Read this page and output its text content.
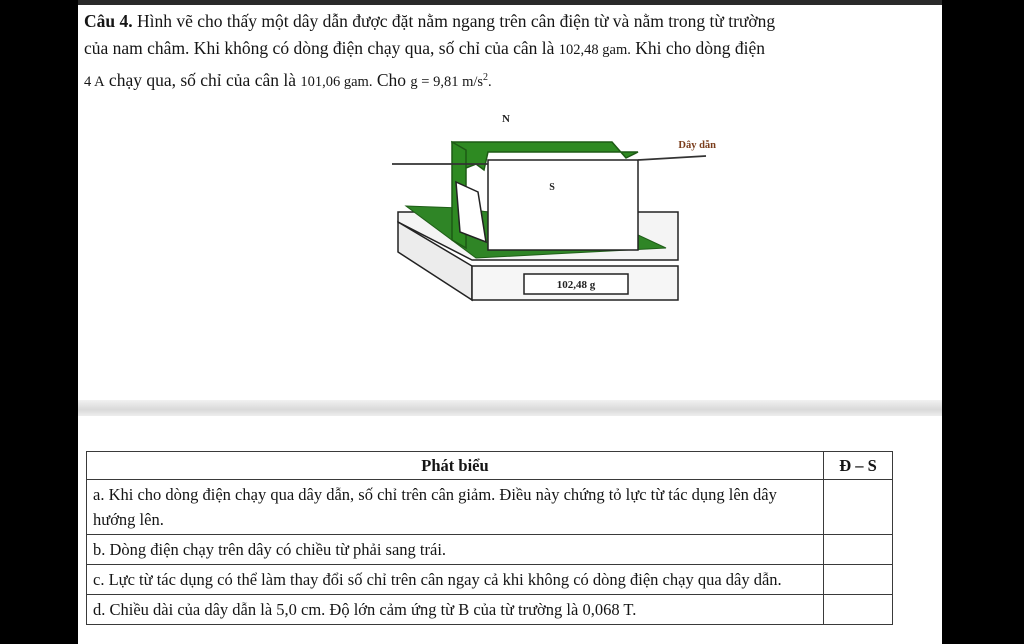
Câu 4. Hình vẽ cho thấy một dây dẫn được đặt nằm ngang trên cân điện từ và nằm trong từ trường
của nam châm. Khi không có dòng điện chạy qua, số chỉ của cân là 102,48 gam. Khi cho dòng điện
4 A chạy qua, số chỉ của cân là 101,06 gam. Cho g = 9,81 $m/s^2$.

N
S
Dây dẫn
102,48 g
Phát biểu	Đ – S
a. Khi cho dòng điện chạy qua dây dẫn, số chỉ trên cân giảm. Điều này chứng tỏ lực từ tác dụng lên dây hướng lên.	
b. Dòng điện chạy trên dây có chiều từ phải sang trái.	
c. Lực từ tác dụng có thể làm thay đổi số chỉ trên cân ngay cả khi không có dòng điện chạy qua dây dẫn.	
d. Chiều dài của dây dẫn là 5,0 cm. Độ lớn cảm ứng từ B của từ trường là 0,068 T.	
